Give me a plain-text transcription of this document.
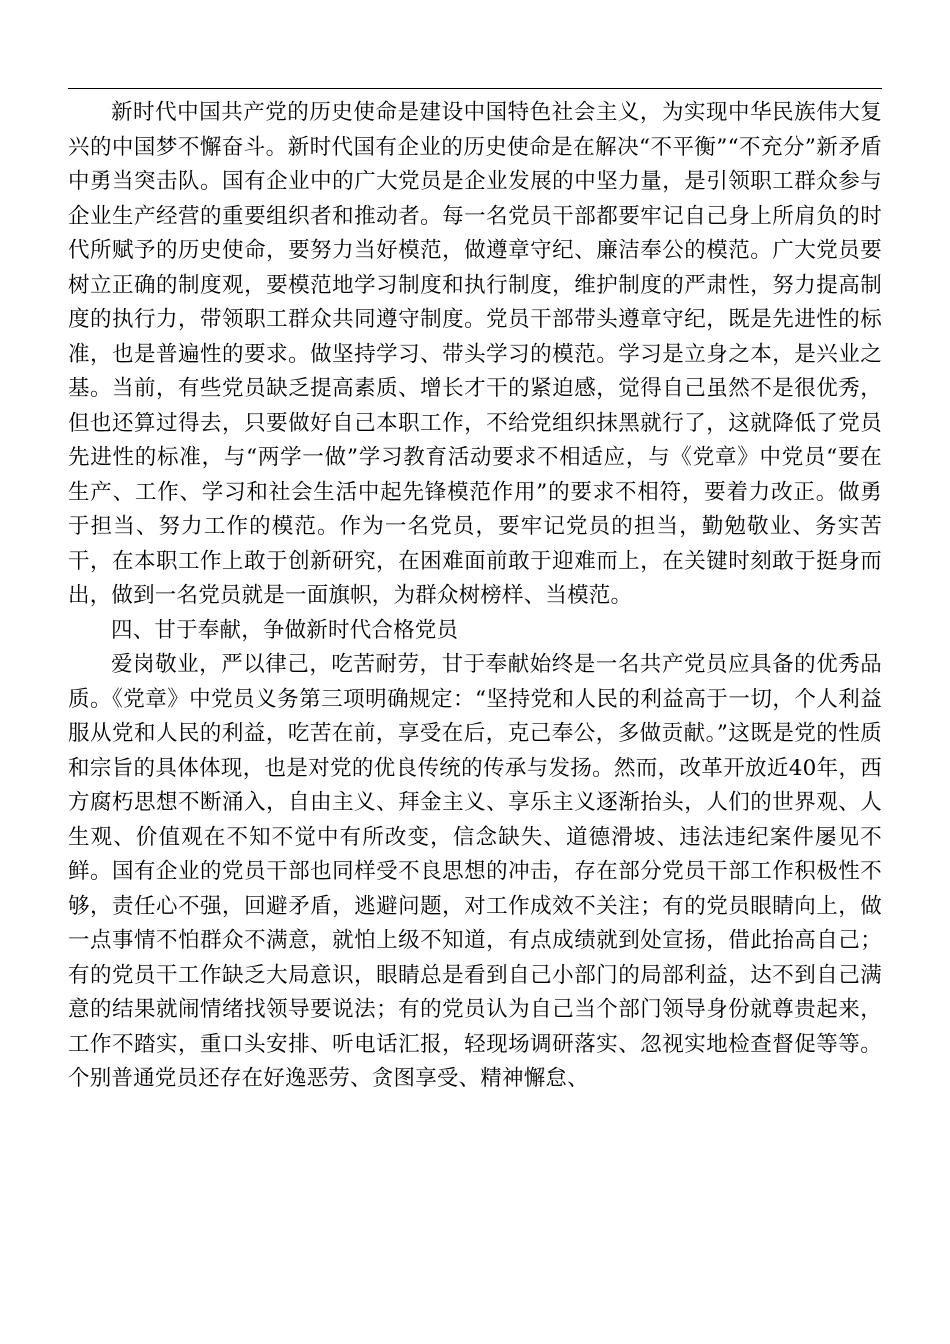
新时代中国共产党的历史使命是建设中国特色社会主义，为实现中华民族伟大复兴的中国梦不懈奋斗。新时代国有企业的历史使命是在解决“不平衡”“不充分”新矛盾中勇当突击队。国有企业中的广大党员是企业发展的中坚力量，是引领职工群众参与企业生产经营的重要组织者和推动者。每一名党员干部都要牢记自己身上所肩负的时代所赋予的历史使命，要努力当好模范，做遵章守纪、廉洁奉公的模范。广大党员要树立正确的制度观，要模范地学习制度和执行制度，维护制度的严肃性，努力提高制度的执行力，带领职工群众共同遵守制度。党员干部带头遵章守纪，既是先进性的标准，也是普遍性的要求。做坚持学习、带头学习的模范。学习是立身之本，是兴业之基。当前，有些党员缺乏提高素质、增长才干的紧迫感，觉得自己虽然不是很优秀，但也还算过得去，只要做好自己本职工作，不给党组织抹黑就行了，这就降低了党员先进性的标准，与“两学一做”学习教育活动要求不相适应，与《党章》中党员“要在生产、工作、学习和社会生活中起先锋模范作用”的要求不相符，要着力改正。做勇于担当、努力工作的模范。作为一名党员，要牢记党员的担当，勤勉敬业、务实苦干，在本职工作上敢于创新研究，在困难面前敢于迎难而上，在关键时刻敢于挺身而出，做到一名党员就是一面旗帜，为群众树榜样、当模范。

四、甘于奉献，争做新时代合格党员

爱岗敬业，严以律己，吃苦耐劳，甘于奉献始终是一名共产党员应具备的优秀品质。《党章》中党员义务第三项明确规定：“坚持党和人民的利益高于一切，个人利益服从党和人民的利益，吃苦在前，享受在后，克己奉公，多做贡献。”这既是党的性质和宗旨的具体体现，也是对党的优良传统的传承与发扬。然而，改革开放近40年，西方腐朽思想不断涌入，自由主义、拜金主义、享乐主义逐渐抬头，人们的世界观、人生观、价值观在不知不觉中有所改变，信念缺失、道德滑坡、违法违纪案件屡见不鲜。国有企业的党员干部也同样受不良思想的冲击，存在部分党员干部工作积极性不够，责任心不强，回避矛盾，逃避问题，对工作成效不关注；有的党员眼睛向上，做一点事情不怕群众不满意，就怕上级不知道，有点成绩就到处宣扬，借此抬高自己；有的党员干工作缺乏大局意识，眼睛总是看到自己小部门的局部利益，达不到自己满意的结果就闹情绪找领导要说法；有的党员认为自己当个部门领导身份就尊贵起来，工作不踏实，重口头安排、听电话汇报，轻现场调研落实、忽视实地检查督促等等。个别普通党员还存在好逸恶劳、贪图享受、精神懈怠、
